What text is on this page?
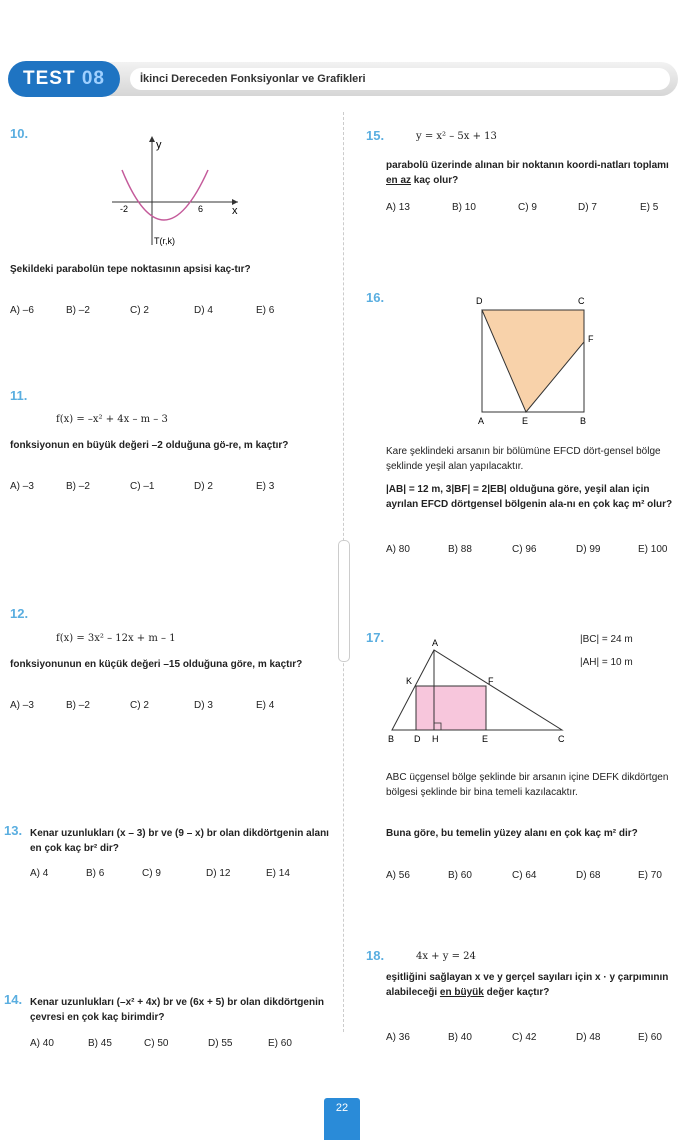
TEST 08	İkinci Dereceden Fonksiyonlar ve Grafikleri
10.
y
x
-2	6
T(r,k)
Şekildeki parabolün tepe noktasının apsisi kaç-tır?
A) –6	B) –2	C) 2	D) 4	E) 6
11.
f(x) = –x² + 4x – m – 3
fonksiyonun en büyük değeri –2 olduğuna gö-re, m kaçtır?
A) –3	B) –2	C) –1	D) 2	E) 3
12.
f(x) = 3x² – 12x + m – 1
fonksiyonunun en küçük değeri –15 olduğuna göre, m kaçtır?
A) –3	B) –2	C) 2	D) 3	E) 4
13. Kenar uzunlukları (x – 3) br ve (9 – x) br olan dikdörtgenin alanı en çok kaç br² dir?
A) 4	B) 6	C) 9	D) 12	E) 14
14. Kenar uzunlukları (–x² + 4x) br ve (6x + 5) br olan dikdörtgenin çevresi en çok kaç birimdir?
A) 40	B) 45	C) 50	D) 55	E) 60
15.	y = x² – 5x + 13
parabolü üzerinde alınan bir noktanın koordi-natları toplamı en az kaç olur?
A) 13	B) 10	C) 9	D) 7	E) 5
16.	D	C
F
A	E	B
Kare şeklindeki arsanın bir bölümüne EFCD dört-gensel bölge şeklinde yeşil alan yapılacaktır.
|AB| = 12 m, 3|BF| = 2|EB| olduğuna göre, yeşil alan için ayrılan EFCD dörtgensel bölgenin ala-nı en çok kaç m² olur?
A) 80	B) 88	C) 96	D) 99	E) 100
17.	|BC| = 24 m
|AH| = 10 m
A
K	F
B D H	E	C
ABC üçgensel bölge şeklinde bir arsanın içine DEFK dikdörtgen bölgesi şeklinde bir bina temeli kazılacaktır.
Buna göre, bu temelin yüzey alanı en çok kaç m² dir?
A) 56	B) 60	C) 64	D) 68	E) 70
18.	4x + y = 24
eşitliğini sağlayan x ve y gerçel sayıları için x · y çarpımının alabileceği en büyük değer kaçtır?
A) 36	B) 40	C) 42	D) 48	E) 60
22
